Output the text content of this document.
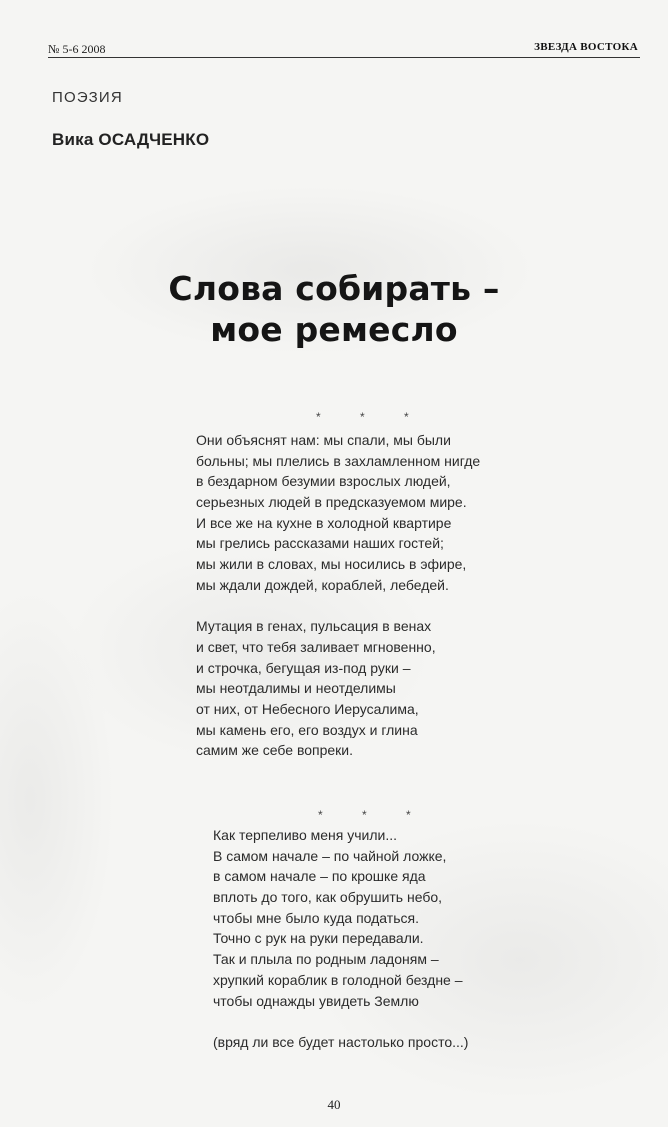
№ 5-6 2008	ЗВЕЗДА ВОСТОКА
ПОЭЗИЯ
Вика ОСАДЧЕНКО
Слова собирать –
мое ремесло
* * *
Они объяснят нам: мы спали, мы были
больны; мы плелись в захламленном нигде
в бездарном безумии взрослых людей,
серьезных людей в предсказуемом мире.
И все же на кухне в холодной квартире
мы грелись рассказами наших гостей;
мы жили в словах, мы носились в эфире,
мы ждали дождей, кораблей, лебедей.
Мутация в генах, пульсация в венах
и свет, что тебя заливает мгновенно,
и строчка, бегущая из-под руки –
мы неотдалимы и неотделимы
от них, от Небесного Иерусалима,
мы камень его, его воздух и глина
самим же себе вопреки.
* * *
Как терпеливо меня учили...
В самом начале – по чайной ложке,
в самом начале – по крошке яда
вплоть до того, как обрушить небо,
чтобы мне было куда податься.
Точно с рук на руки передавали.
Так и плыла по родным ладоням –
хрупкий кораблик в голодной бездне –
чтобы однажды увидеть Землю
(вряд ли все будет настолько просто...)
40
